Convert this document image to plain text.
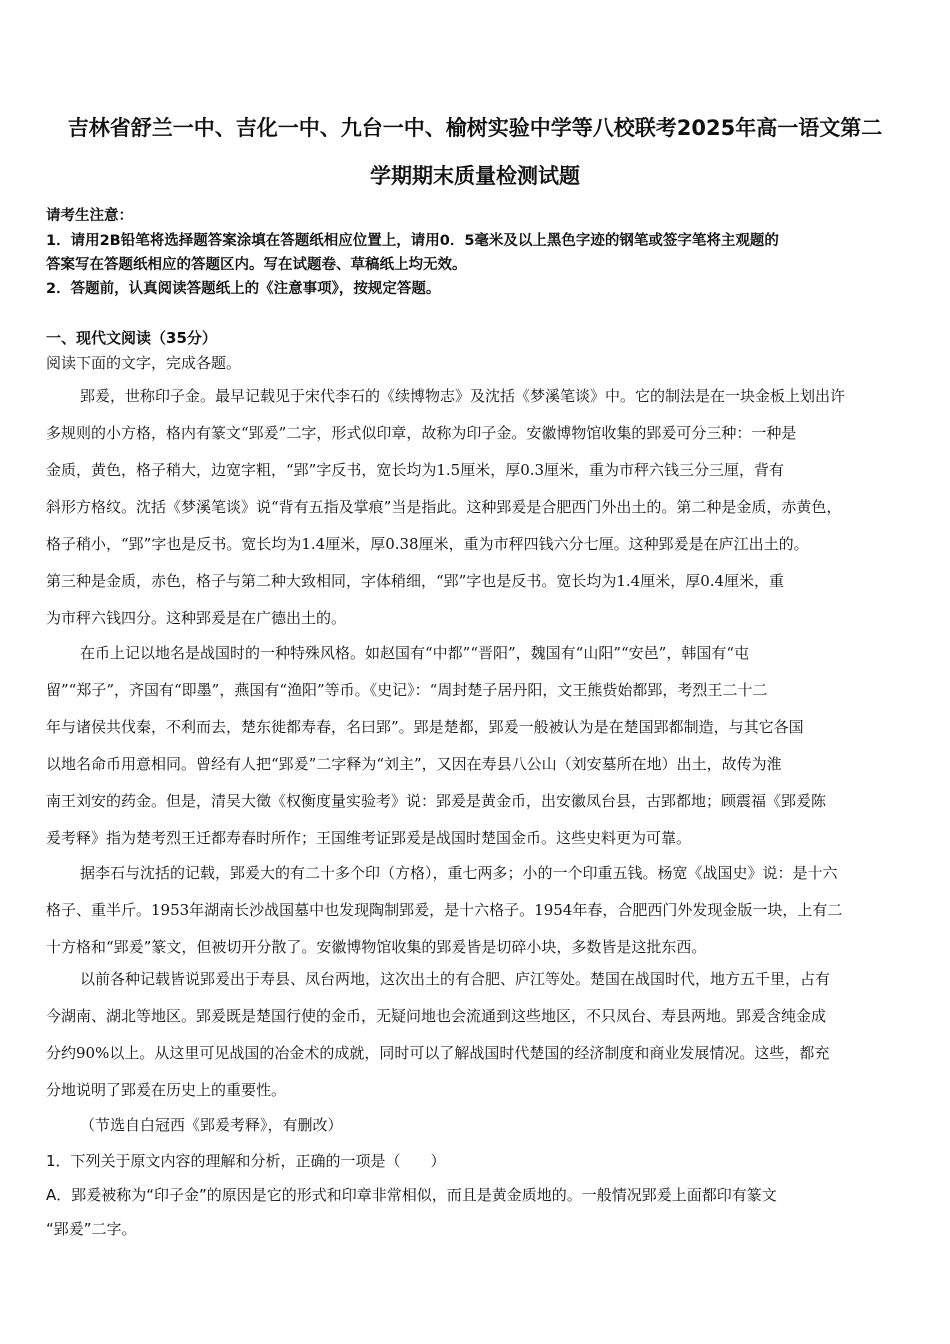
吉林省舒兰一中、吉化一中、九台一中、榆树实验中学等八校联考2025年高一语文第二
学期期末质量检测试题
请考生注意：
1．请用2B铅笔将选择题答案涂填在答题纸相应位置上，请用0．5毫米及以上黑色字迹的钢笔或签字笔将主观题的
答案写在答题纸相应的答题区内。写在试题卷、草稿纸上均无效。
2．答题前，认真阅读答题纸上的《注意事项》，按规定答题。
一、现代文阅读（35分）
阅读下面的文字，完成各题。
郢爰，世称印子金。最早记载见于宋代李石的《续博物志》及沈括《梦溪笔谈》中。它的制法是在一块金板上划出许
多规则的小方格，格内有篆文“郢爰”二字，形式似印章，故称为印子金。安徽博物馆收集的郢爰可分三种：一种是
金质，黄色，格子稍大，边宽字粗，“郢”字反书，宽长均为1.5厘米，厚0.3厘米，重为市秤六钱三分三厘，背有
斜形方格纹。沈括《梦溪笔谈》说“背有五指及掌痕”当是指此。这种郢爰是合肥西门外出土的。第二种是金质，赤黄色，
格子稍小，“郢”字也是反书。宽长均为1.4厘米，厚0.38厘米，重为市秤四钱六分七厘。这种郢爰是在庐江出土的。
第三种是金质，赤色，格子与第二种大致相同，字体稍细，“郢”字也是反书。宽长均为1.4厘米，厚0.4厘米，重
为市秤六钱四分。这种郢爰是在广德出土的。
在币上记以地名是战国时的一种特殊风格。如赵国有“中都”“晋阳”，魏国有“山阳”“安邑”，韩国有“屯
留”“郑子”，齐国有“即墨”，燕国有“渔阳”等币。《史记》：“周封楚子居丹阳，文王熊赀始都郢，考烈王二十二
年与诸侯共伐秦，不利而去，楚东徙都寿春，名曰郢”。郢是楚都，郢爰一般被认为是在楚国郢都制造，与其它各国
以地名命币用意相同。曾经有人把“郢爰”二字释为“刘主”，又因在寿县八公山（刘安墓所在地）出土，故传为淮
南王刘安的药金。但是，清吴大徵《权衡度量实验考》说：郢爰是黄金币，出安徽凤台县，古郢都地；顾震福《郢爰陈
爰考释》指为楚考烈王迁都寿春时所作；王国维考证郢爰是战国时楚国金币。这些史料更为可靠。
据李石与沈括的记载，郢爰大的有二十多个印（方格），重七两多；小的一个印重五钱。杨宽《战国史》说：是十六
格子、重半斤。1953年湖南长沙战国墓中也发现陶制郢爰，是十六格子。1954年春，合肥西门外发现金版一块，上有二
十方格和“郢爰”篆文，但被切开分散了。安徽博物馆收集的郢爰皆是切碎小块，多数皆是这批东西。
以前各种记载皆说郢爰出于寿县、凤台两地，这次出土的有合肥、庐江等处。楚国在战国时代，地方五千里，占有
今湖南、湖北等地区。郢爰既是楚国行使的金币，无疑问地也会流通到这些地区，不只凤台、寿县两地。郢爰含纯金成
分约90%以上。从这里可见战国的冶金术的成就，同时可以了解战国时代楚国的经济制度和商业发展情况。这些，都充
分地说明了郢爰在历史上的重要性。
（节选自白冠西《郢爰考释》，有删改）
1．下列关于原文内容的理解和分析，正确的一项是（　　）
A．郢爰被称为“印子金”的原因是它的形式和印章非常相似，而且是黄金质地的。一般情况郢爰上面都印有篆文
“郢爰”二字。
